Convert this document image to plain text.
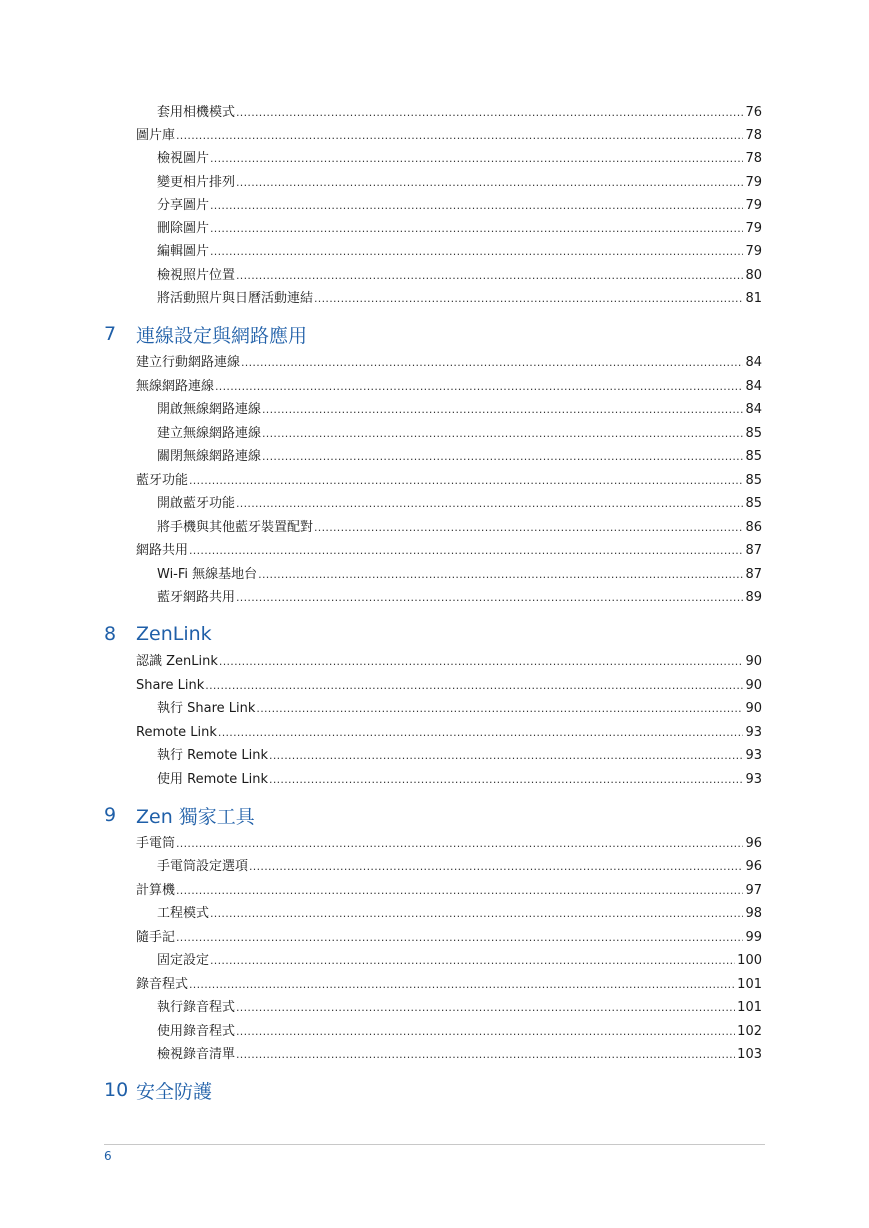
套用相機模式 . . .	76
圖片庫 . . .	78
檢視圖片 . . .	78
變更相片排列 . . .	79
分享圖片 . . .	79
刪除圖片 . . .	79
編輯圖片 . . .	79
檢視照片位置 . . .	80
將活動照片與日曆活動連結 . . .	81
7	連線設定與網路應用
建立行動網路連線 . . .	84
無線網路連線 . . .	84
開啟無線網路連線 . . .	84
建立無線網路連線 . . .	85
關閉無線網路連線 . . .	85
藍牙功能 . . .	85
開啟藍牙功能 . . .	85
將手機與其他藍牙裝置配對 . . .	86
網路共用 . . .	87
Wi-Fi 無線基地台 . . .	87
藍牙網路共用 . . .	89
8	ZenLink
認識 ZenLink . . .	90
Share Link . . .	90
執行 Share Link . . .	90
Remote Link . . .	93
執行 Remote Link . . .	93
使用 Remote Link . . .	93
9	Zen 獨家工具
手電筒 . . .	96
手電筒設定選項 . . .	96
計算機 . . .	97
工程模式 . . .	98
隨手記 . . .	99
固定設定 . . .	100
錄音程式 . . .	101
執行錄音程式 . . .	101
使用錄音程式 . . .	102
檢視錄音清單 . . .	103
10 安全防護
6
